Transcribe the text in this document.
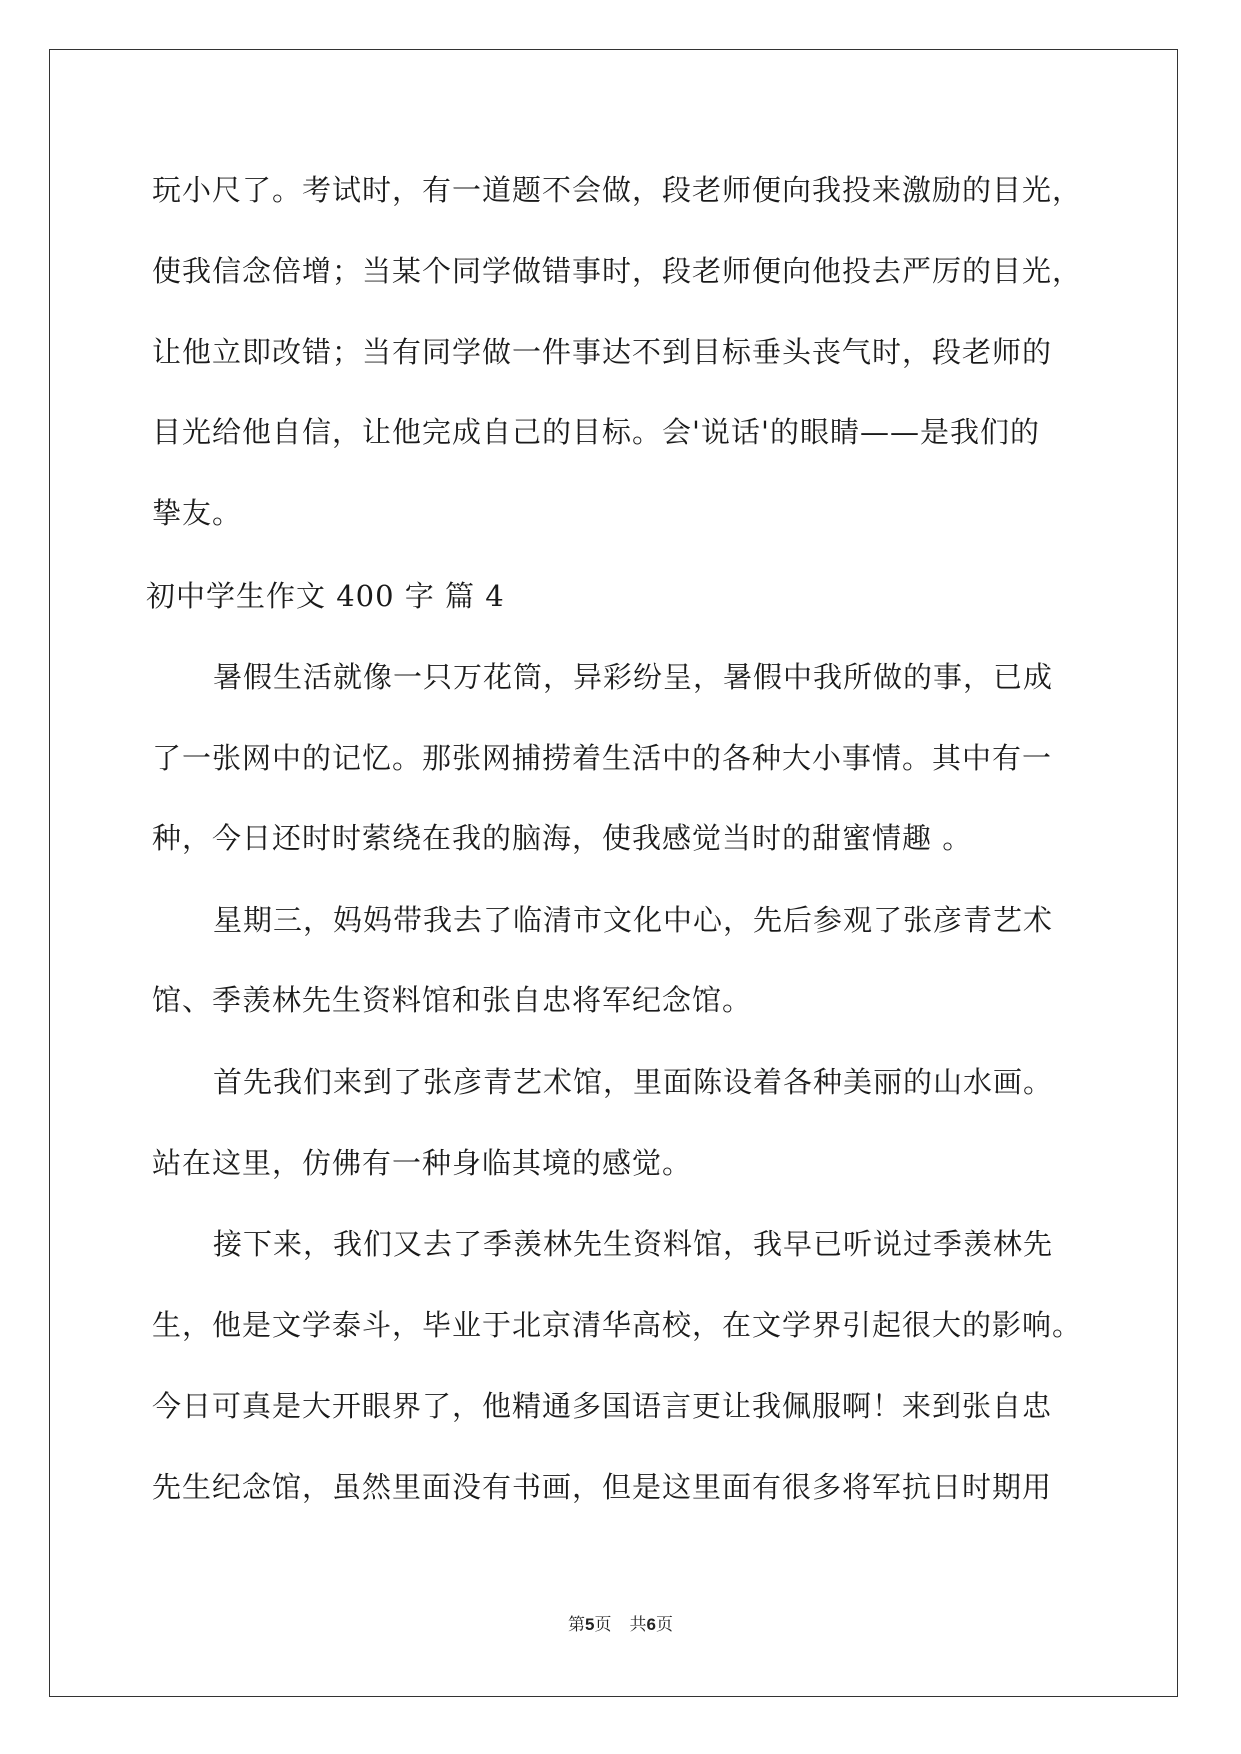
玩小尺了。考试时，有一道题不会做，段老师便向我投来激励的目光，
使我信念倍增；当某个同学做错事时，段老师便向他投去严厉的目光，
让他立即改错；当有同学做一件事达不到目标垂头丧气时，段老师的
目光给他自信，让他完成自己的目标。会'说话'的眼睛——是我们的
挚友。
初中学生作文 400 字 篇 4
暑假生活就像一只万花筒，异彩纷呈，暑假中我所做的事，已成
了一张网中的记忆。那张网捕捞着生活中的各种大小事情。其中有一
种，今日还时时萦绕在我的脑海，使我感觉当时的甜蜜情趣 。
星期三，妈妈带我去了临清市文化中心，先后参观了张彦青艺术
馆、季羡林先生资料馆和张自忠将军纪念馆。
首先我们来到了张彦青艺术馆，里面陈设着各种美丽的山水画。
站在这里，仿佛有一种身临其境的感觉。
接下来，我们又去了季羡林先生资料馆，我早已听说过季羡林先
生，他是文学泰斗，毕业于北京清华高校，在文学界引起很大的影响。
今日可真是大开眼界了，他精通多国语言更让我佩服啊！来到张自忠
先生纪念馆，虽然里面没有书画，但是这里面有很多将军抗日时期用
第5页 共6页
